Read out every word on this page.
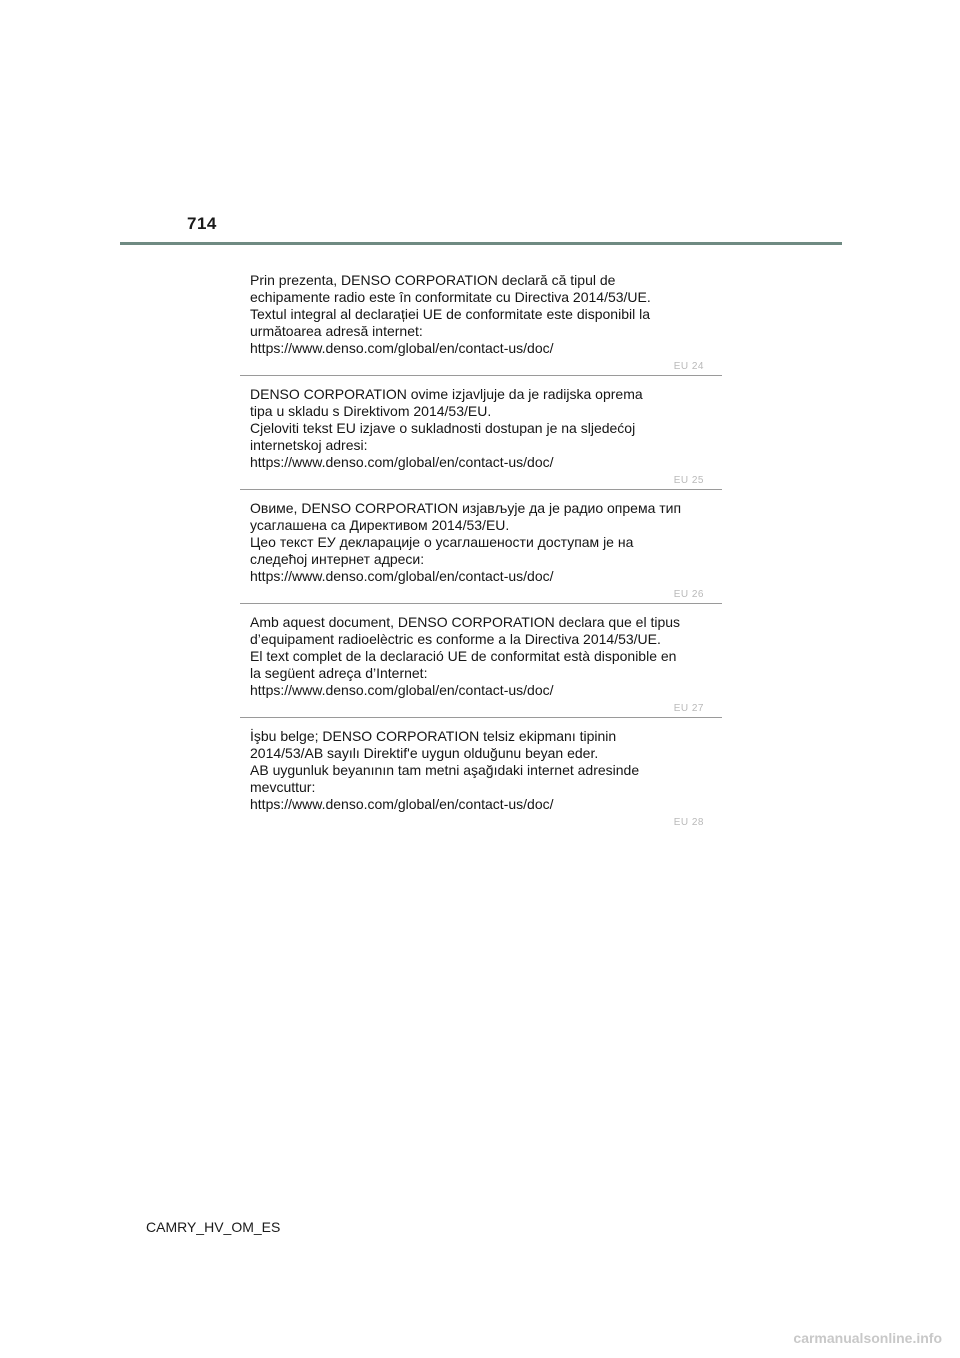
714
Prin prezenta, DENSO CORPORATION declară că tipul de
echipamente radio este în conformitate cu Directiva 2014/53/UE.
Textul integral al declarației UE de conformitate este disponibil la
următoarea adresă internet:
https://www.denso.com/global/en/contact-us/doc/
EU 24
DENSO CORPORATION ovime izjavljuje da je radijska oprema
tipa u skladu s Direktivom 2014/53/EU.
Cjeloviti tekst EU izjave o sukladnosti dostupan je na sljedećoj
internetskoj adresi:
https://www.denso.com/global/en/contact-us/doc/
EU 25
Овиме, DENSO CORPORATION изјављује да је радио опрема тип
усаглашена са Директивом 2014/53/EU.
Цео текст ЕУ декларације о усаглашености доступам је на
следећој интернет адреси:
https://www.denso.com/global/en/contact-us/doc/
EU 26
Amb aquest document, DENSO CORPORATION declara que el tipus
d’equipament radioelèctric es conforme a la Directiva 2014/53/UE.
El text complet de la declaració UE de conformitat està disponible en
la següent adreça d’Internet:
https://www.denso.com/global/en/contact-us/doc/
EU 27
İşbu belge; DENSO CORPORATION telsiz ekipmanı tipinin
2014/53/AB sayılı Direktif'e uygun olduğunu beyan eder.
AB uygunluk beyanının tam metni aşağıdaki internet adresinde
mevcuttur:
https://www.denso.com/global/en/contact-us/doc/
EU 28
CAMRY_HV_OM_ES
carmanualsonline.info
